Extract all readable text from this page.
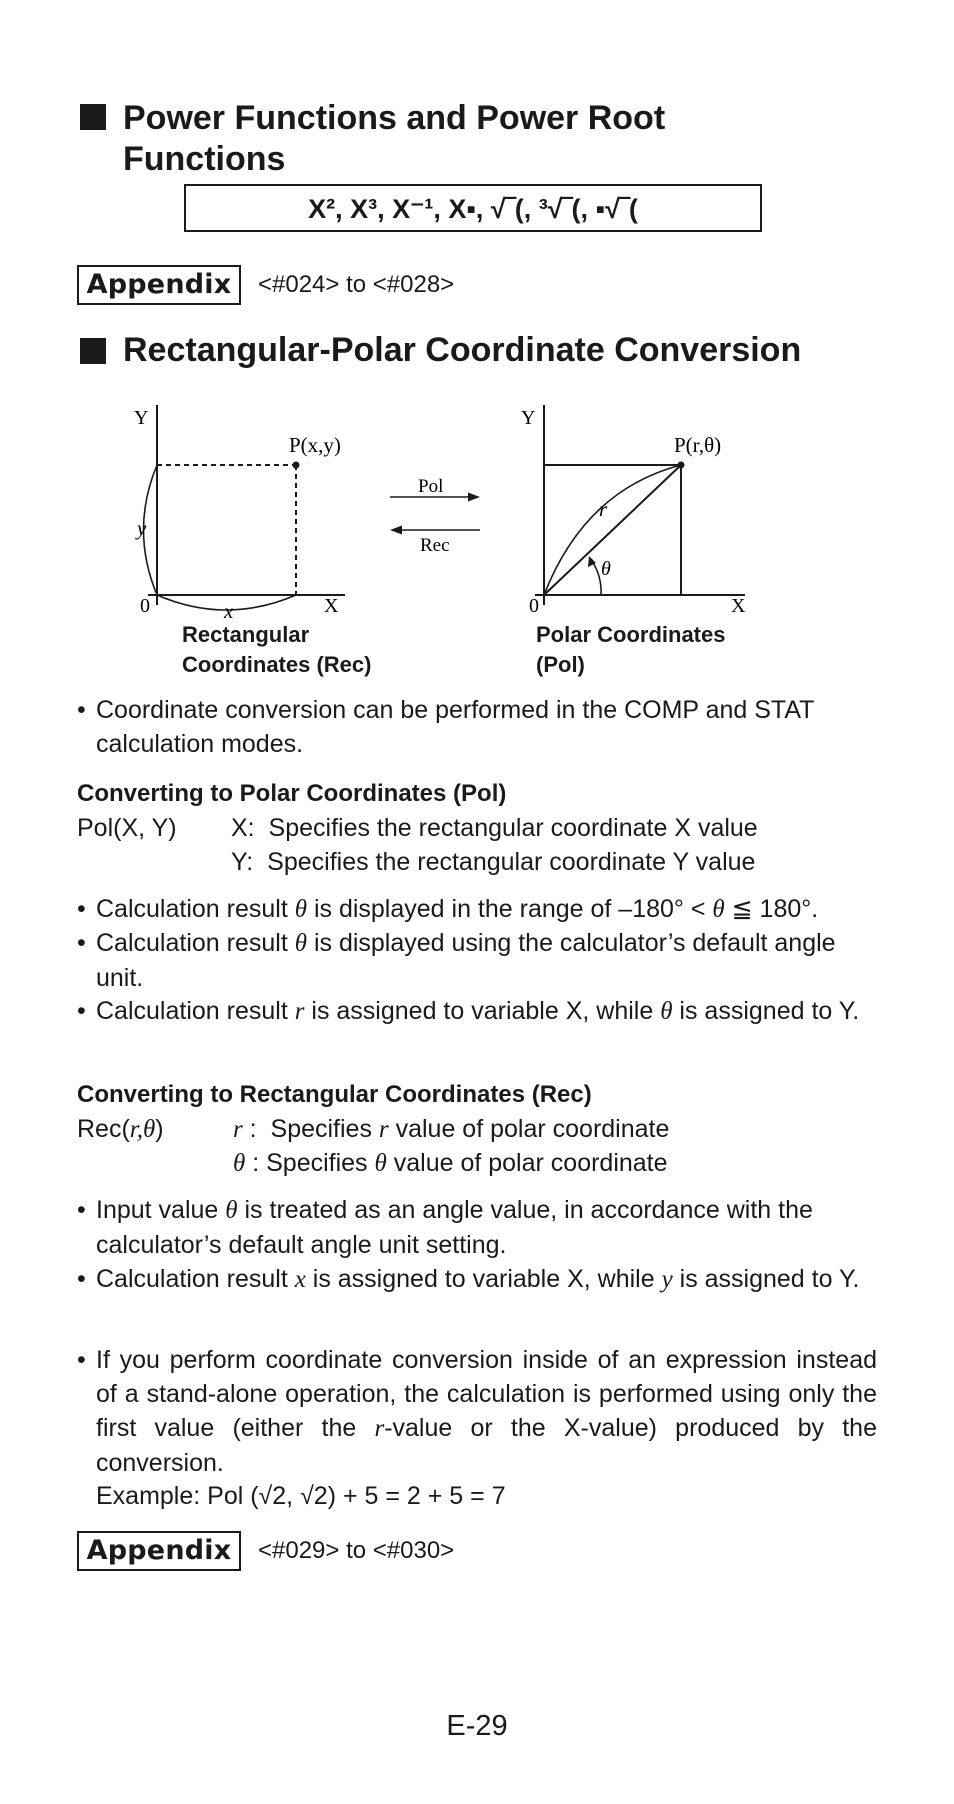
Power Functions and Power Root
Functions
X², X³, X⁻¹, X▪, √‾(, ³√‾(, ▪√‾(
Appendix	<#024> to <#028>
Rectangular-Polar Coordinate Conversion
Y
X
0
P(x,y)
y
x
Pol
Rec
Y
X
0
P(r,θ)
r
θ
Rectangular
Coordinates (Rec)
Polar Coordinates
(Pol)
• Coordinate conversion can be performed in the COMP and STAT calculation modes.
Converting to Polar Coordinates (Pol)
Pol(X, Y) X: Specifies the rectangular coordinate X value
Y: Specifies the rectangular coordinate Y value
• Calculation result θ is displayed in the range of –180° < θ ≦ 180°.
• Calculation result θ is displayed using the calculator’s default angle unit.
• Calculation result r is assigned to variable X, while θ is assigned to Y.
Converting to Rectangular Coordinates (Rec)
Rec(r,θ)	r :  Specifies r value of polar coordinate
θ : Specifies θ value of polar coordinate
• Input value θ is treated as an angle value, in accordance with the calculator’s default angle unit setting.
• Calculation result x is assigned to variable X, while y is assigned to Y.
• If you perform coordinate conversion inside of an expression instead of a stand-alone operation, the calculation is performed using only the first value (either the r-value or the X-value) produced by the conversion.
Example: Pol (√2, √2) + 5 = 2 + 5 = 7
Appendix	<#029> to <#030>
E-29
